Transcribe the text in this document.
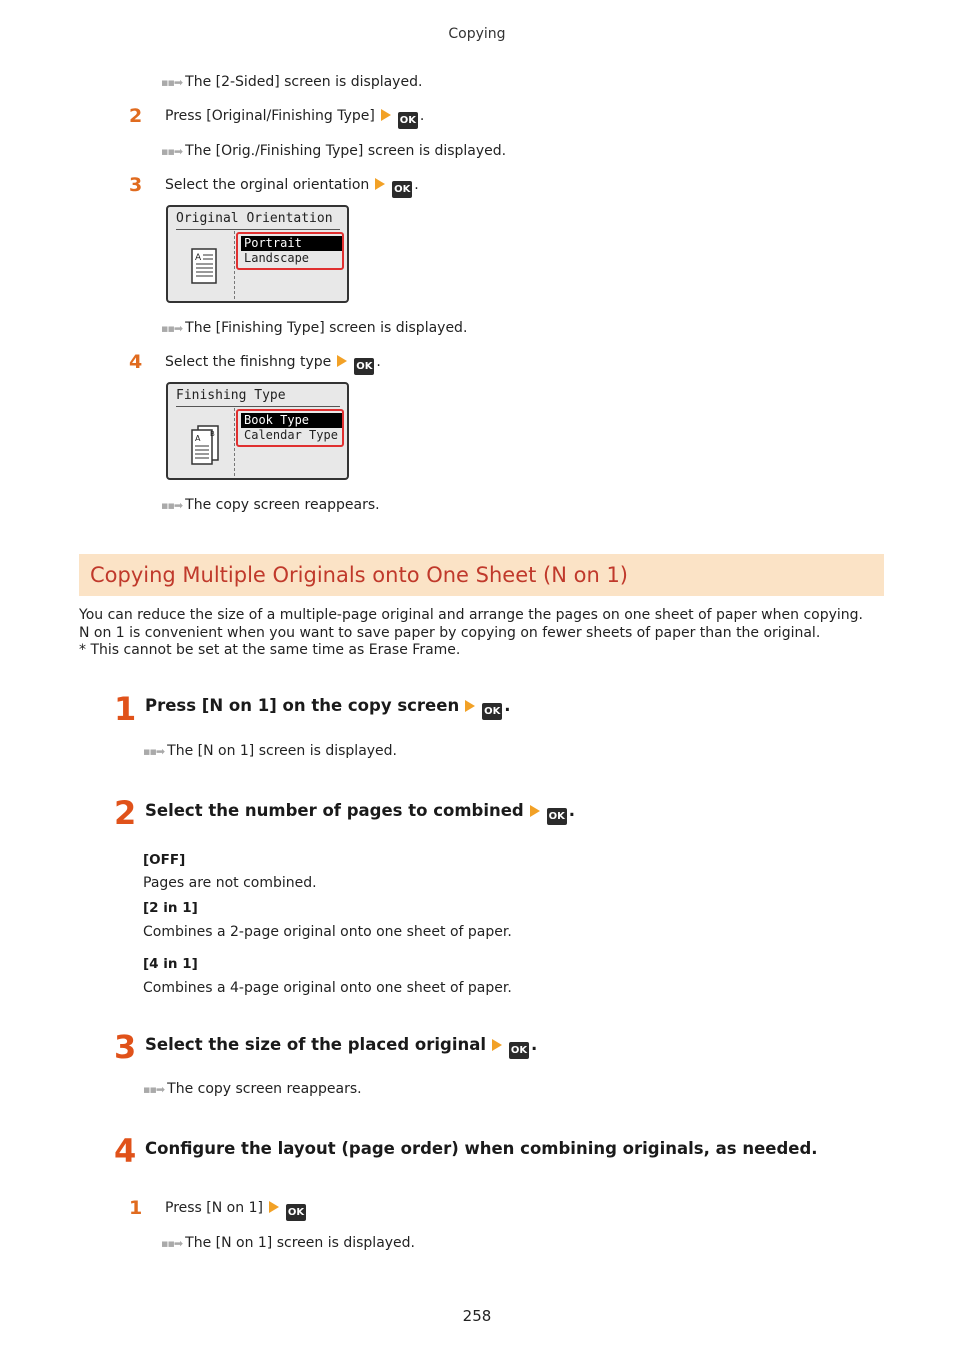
Copying
▪▪➡ The [2-Sided] screen is displayed.
2 Press [Original/Finishing Type] OK .
▪▪➡ The [Orig./Finishing Type] screen is displayed.
3 Select the orginal orientation OK .
Original Orientation
A
Portrait
Landscape
▪▪➡ The [Finishing Type] screen is displayed.
4 Select the finishng type OK .
Finishing Type
A B
Book Type
Calendar Type
▪▪➡ The copy screen reappears.
Copying Multiple Originals onto One Sheet (N on 1)
You can reduce the size of a multiple-page original and arrange the pages on one sheet of paper when copying.
N on 1 is convenient when you want to save paper by copying on fewer sheets of paper than the original.
* This cannot be set at the same time as Erase Frame.
1 Press [N on 1] on the copy screen OK .
▪▪➡ The [N on 1] screen is displayed.
2 Select the number of pages to combined OK .
[OFF]
Pages are not combined.
[2 in 1]
Combines a 2-page original onto one sheet of paper.
[4 in 1]
Combines a 4-page original onto one sheet of paper.
3 Select the size of the placed original OK .
▪▪➡ The copy screen reappears.
4 Configure the layout (page order) when combining originals, as needed.
1 Press [N on 1] OK
▪▪➡ The [N on 1] screen is displayed.
258
